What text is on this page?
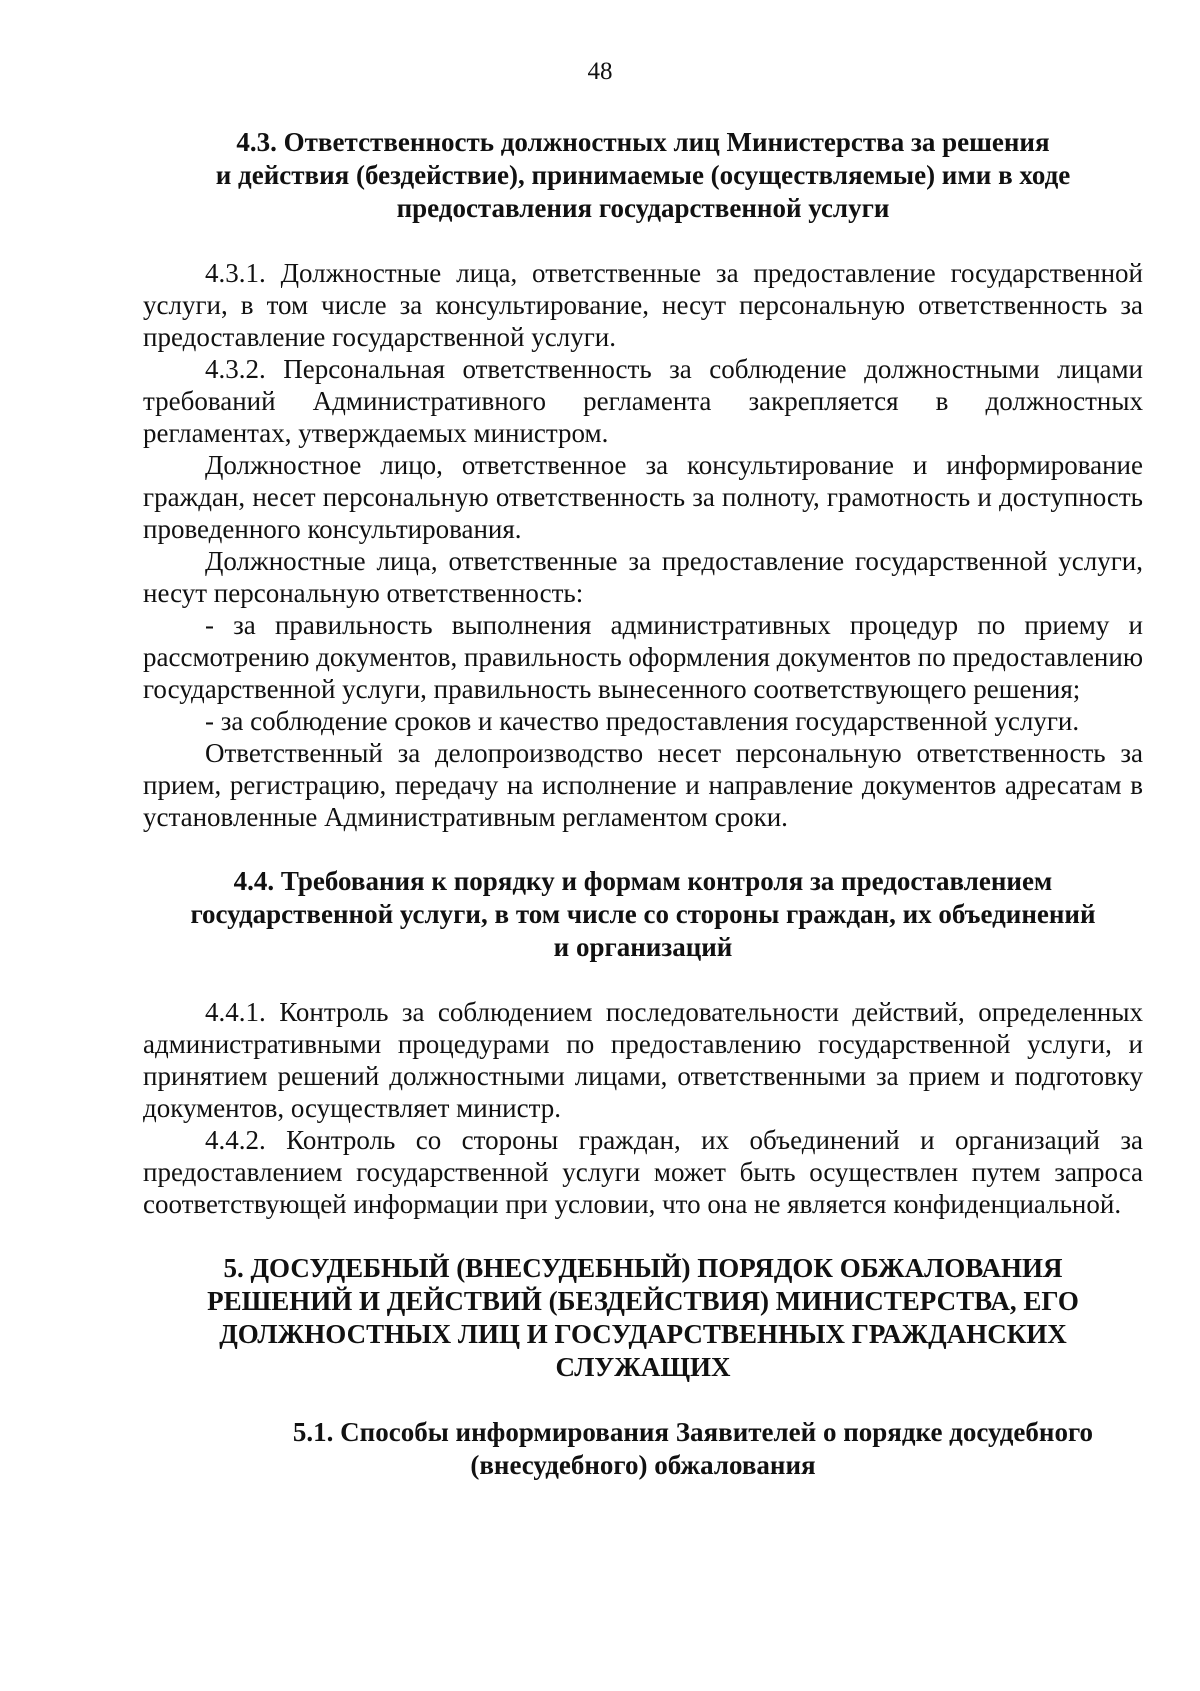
48

4.3. Ответственность должностных лиц Министерства за решения

и действия (бездействие), принимаемые (осуществляемые) ими в ходе

предоставления государственной услуги

4.3.1. Должностные лица, ответственные за предоставление государственной услуги, в том числе за консультирование, несут персональную ответственность за предоставление государственной услуги.

4.3.2. Персональная ответственность за соблюдение должностными лицами требований Административного регламента закрепляется в должностных регламентах, утверждаемых министром.

Должностное лицо, ответственное за консультирование и информирование граждан, несет персональную ответственность за полноту, грамотность и доступность проведенного консультирования.

Должностные лица, ответственные за предоставление государственной услуги, несут персональную ответственность:

- за правильность выполнения административных процедур по приему и рассмотрению документов, правильность оформления документов по предоставлению государственной услуги, правильность вынесенного соответствующего решения;

- за соблюдение сроков и качество предоставления государственной услуги.

Ответственный за делопроизводство несет персональную ответственность за прием, регистрацию, передачу на исполнение и направление документов адресатам в установленные Административным регламентом сроки.

4.4. Требования к порядку и формам контроля за предоставлением

государственной услуги, в том числе со стороны граждан, их объединений

и организаций

4.4.1. Контроль за соблюдением последовательности действий, определенных административными процедурами по предоставлению государственной услуги, и принятием решений должностными лицами, ответственными за прием и подготовку документов, осуществляет министр.

4.4.2. Контроль со стороны граждан, их объединений и организаций за предоставлением государственной услуги может быть осуществлен путем запроса соответствующей информации при условии, что она не является конфиденциальной.

5. ДОСУДЕБНЫЙ (ВНЕСУДЕБНЫЙ) ПОРЯДОК ОБЖАЛОВАНИЯ

РЕШЕНИЙ И ДЕЙСТВИЙ (БЕЗДЕЙСТВИЯ) МИНИСТЕРСТВА, ЕГО

ДОЛЖНОСТНЫХ ЛИЦ И ГОСУДАРСТВЕННЫХ ГРАЖДАНСКИХ

СЛУЖАЩИХ

5.1. Способы информирования Заявителей о порядке досудебного

(внесудебного) обжалования
